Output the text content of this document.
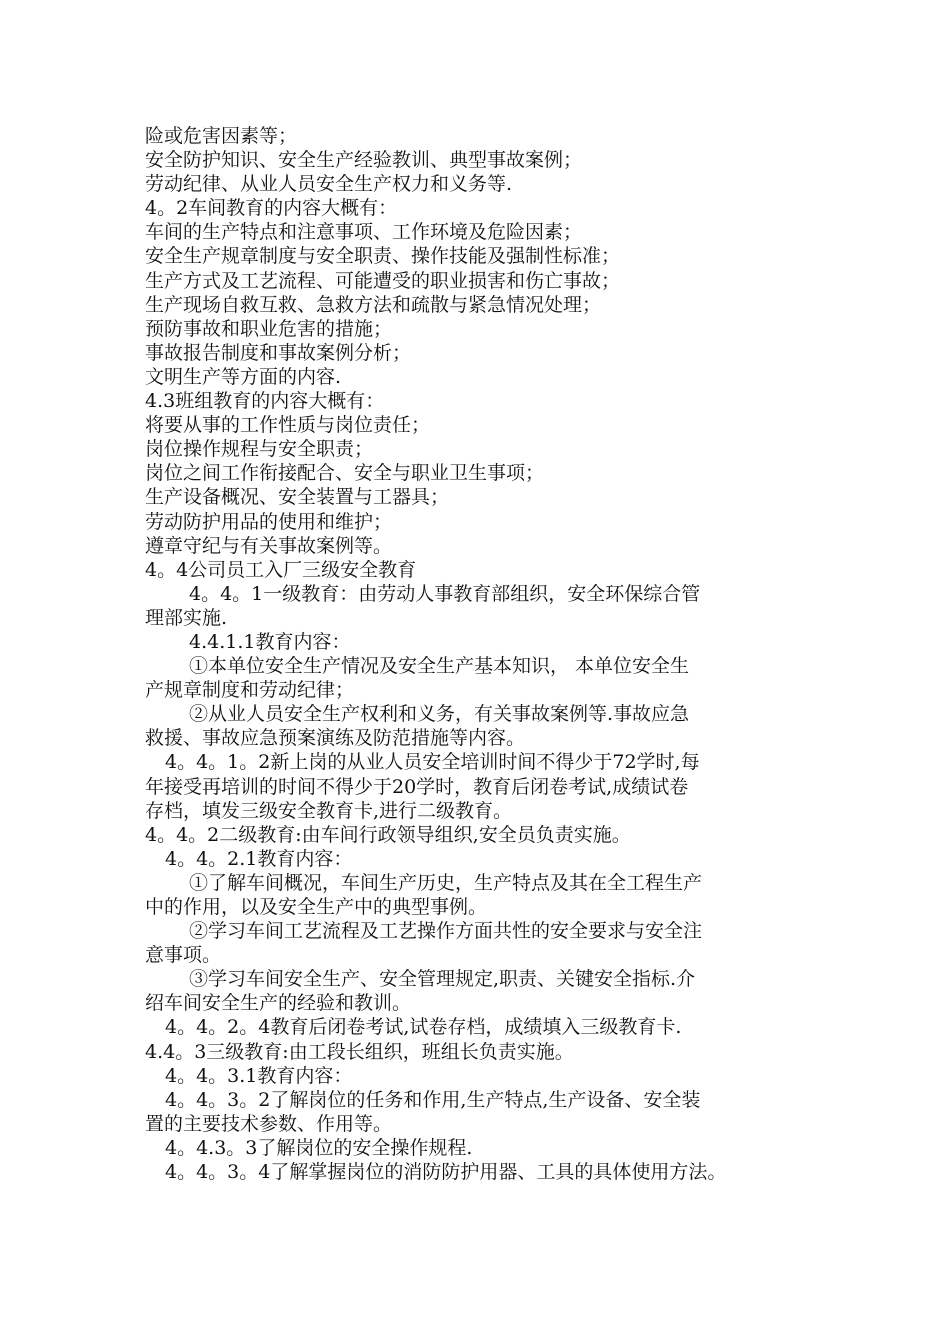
险或危害因素等；
安全防护知识、安全生产经验教训、典型事故案例；
劳动纪律、从业人员安全生产权力和义务等.
4。2车间教育的内容大概有：
车间的生产特点和注意事项、工作环境及危险因素；
安全生产规章制度与安全职责、操作技能及强制性标准；
生产方式及工艺流程、可能遭受的职业损害和伤亡事故；
生产现场自救互救、急救方法和疏散与紧急情况处理；
预防事故和职业危害的措施；
事故报告制度和事故案例分析；
文明生产等方面的内容.
4.3班组教育的内容大概有：
将要从事的工作性质与岗位责任；
岗位操作规程与安全职责；
岗位之间工作衔接配合、安全与职业卫生事项；
生产设备概况、安全装置与工器具；
劳动防护用品的使用和维护；
遵章守纪与有关事故案例等。
4。4公司员工入厂三级安全教育
4。4。1一级教育：由劳动人事教育部组织，安全环保综合管
理部实施.
4.4.1.1教育内容：
①本单位安全生产情况及安全生产基本知识， 本单位安全生
产规章制度和劳动纪律；
②从业人员安全生产权利和义务，有关事故案例等.事故应急
救援、事故应急预案演练及防范措施等内容。
4。4。1。2新上岗的从业人员安全培训时间不得少于72学时,每
年接受再培训的时间不得少于20学时，教育后闭卷考试,成绩试卷
存档，填发三级安全教育卡,进行二级教育。
4。4。2二级教育:由车间行政领导组织,安全员负责实施。
4。4。2.1教育内容：
①了解车间概况，车间生产历史，生产特点及其在全工程生产
中的作用，以及安全生产中的典型事例。
②学习车间工艺流程及工艺操作方面共性的安全要求与安全注
意事项。
③学习车间安全生产、安全管理规定,职责、关键安全指标.介
绍车间安全生产的经验和教训。
4。4。2。4教育后闭卷考试,试卷存档，成绩填入三级教育卡.
4.4。3三级教育:由工段长组织，班组长负责实施。
4。4。3.1教育内容：
4。4。3。2了解岗位的任务和作用,生产特点,生产设备、安全装
置的主要技术参数、作用等。
4。4.3。3了解岗位的安全操作规程.
4。4。3。4了解掌握岗位的消防防护用器、工具的具体使用方法。
